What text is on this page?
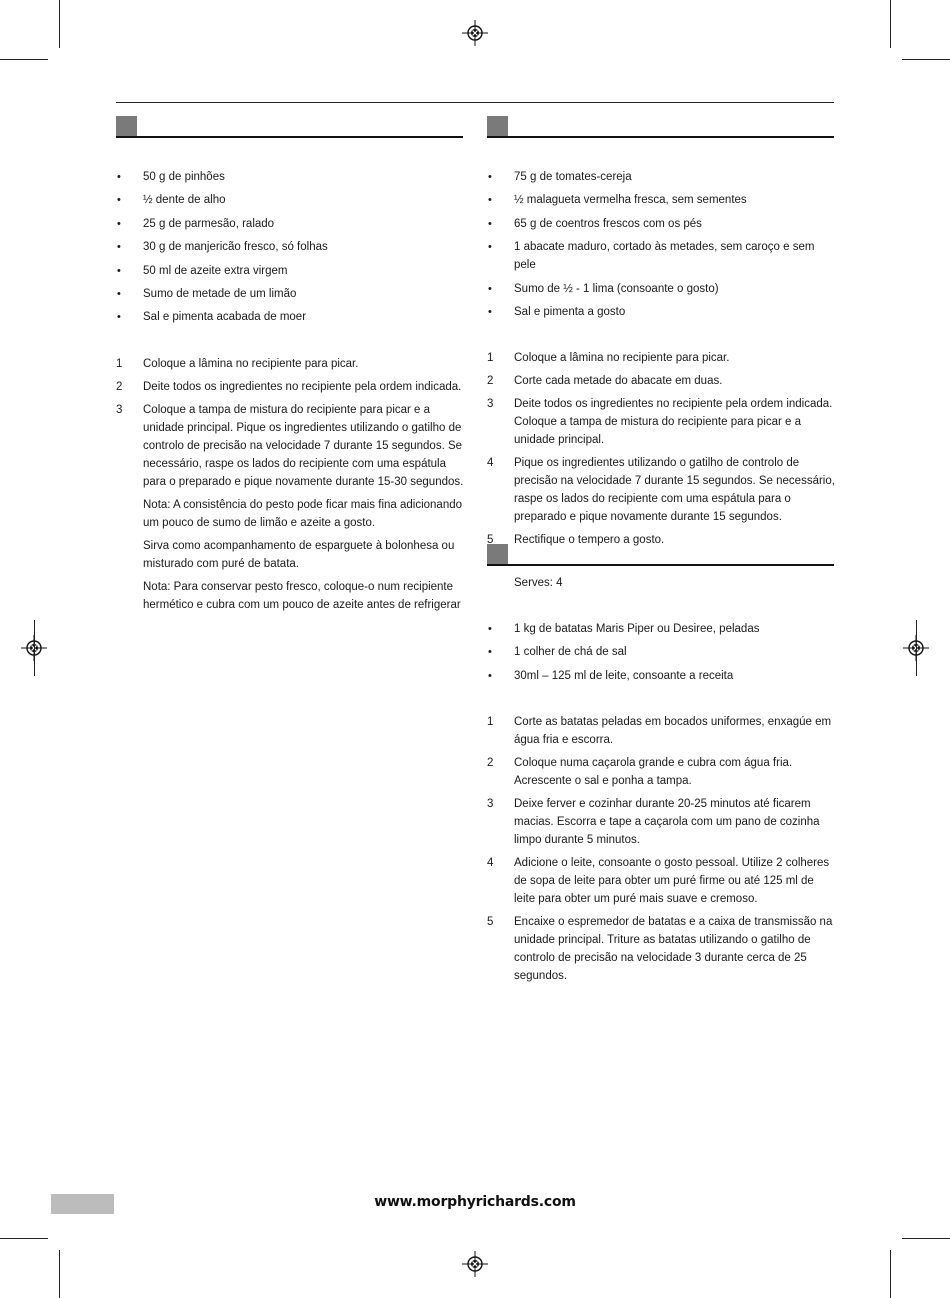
• 50 g de pinhões
• ½ dente de alho
• 25 g de parmesão, ralado
• 30 g de manjericão fresco, só folhas
• 50 ml de azeite extra virgem
• Sumo de metade de um limão
• Sal e pimenta acabada de moer
1 Coloque a lâmina no recipiente para picar.
2 Deite todos os ingredientes no recipiente pela ordem indicada.
3 Coloque a tampa de mistura do recipiente para picar e a unidade principal. Pique os ingredientes utilizando o gatilho de controlo de precisão na velocidade 7 durante 15 segundos. Se necessário, raspe os lados do recipiente com uma espátula para o preparado e pique novamente durante 15-30 segundos.
Nota: A consistência do pesto pode ficar mais fina adicionando um pouco de sumo de limão e azeite a gosto.
Sirva como acompanhamento de esparguete à bolonhesa ou misturado com puré de batata.
Nota: Para conservar pesto fresco, coloque-o num recipiente hermético e cubra com um pouco de azeite antes de refrigerar
• 75 g de tomates-cereja
• ½ malagueta vermelha fresca, sem sementes
• 65 g de coentros frescos com os pés
• 1 abacate maduro, cortado às metades, sem caroço e sem pele
• Sumo de ½ - 1 lima (consoante o gosto)
• Sal e pimenta a gosto
1 Coloque a lâmina no recipiente para picar.
2 Corte cada metade do abacate em duas.
3 Deite todos os ingredientes no recipiente pela ordem indicada. Coloque a tampa de mistura do recipiente para picar e a unidade principal.
4 Pique os ingredientes utilizando o gatilho de controlo de precisão na velocidade 7 durante 15 segundos. Se necessário, raspe os lados do recipiente com uma espátula para o preparado e pique novamente durante 15 segundos.
5 Rectifique o tempero a gosto.
Serves: 4
• 1 kg de batatas Maris Piper ou Desiree, peladas
• 1 colher de chá de sal
• 30ml – 125 ml de leite, consoante a receita
1 Corte as batatas peladas em bocados uniformes, enxagúe em água fria e escorra.
2 Coloque numa caçarola grande e cubra com água fria. Acrescente o sal e ponha a tampa.
3 Deixe ferver e cozinhar durante 20-25 minutos até ficarem macias. Escorra e tape a caçarola com um pano de cozinha limpo durante 5 minutos.
4 Adicione o leite, consoante o gosto pessoal. Utilize 2 colheres de sopa de leite para obter um puré firme ou até 125 ml de leite para obter um puré mais suave e cremoso.
5 Encaixe o espremedor de batatas e a caixa de transmissão na unidade principal. Triture as batatas utilizando o gatilho de controlo de precisão na velocidade 3 durante cerca de 25 segundos.
www.morphyrichards.com
